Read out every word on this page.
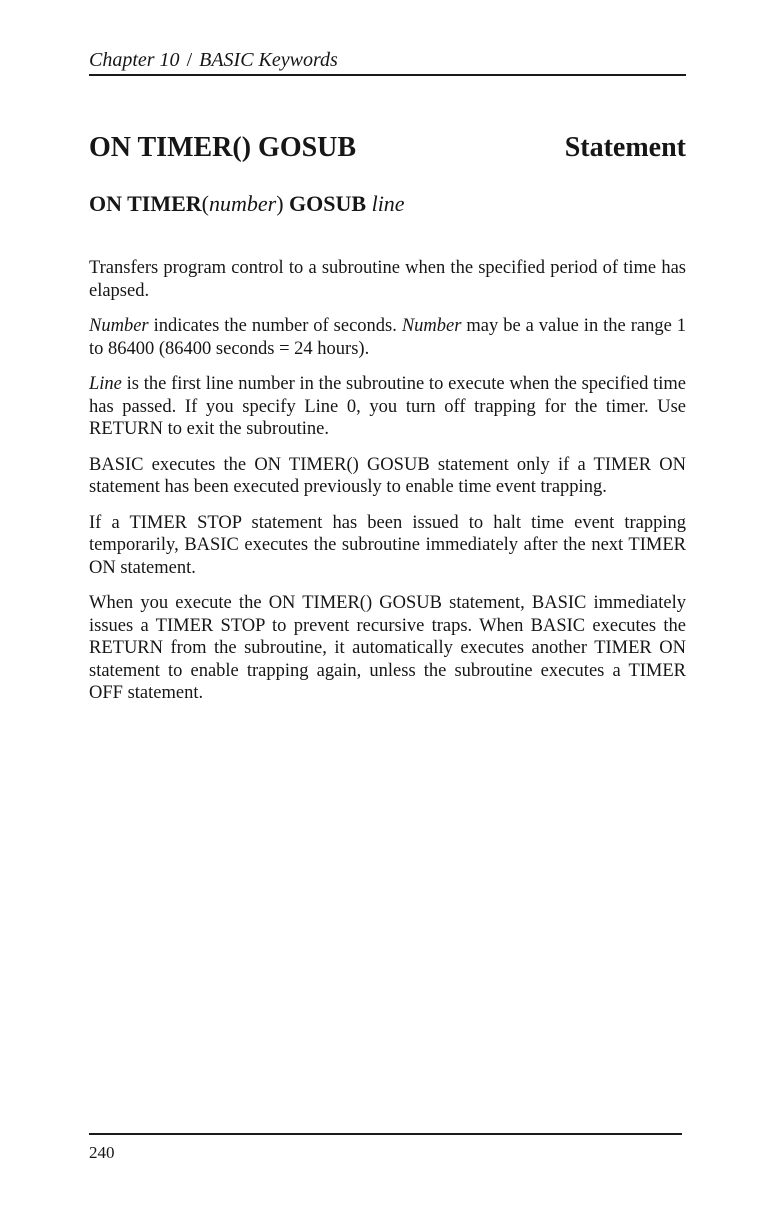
Chapter 10 / BASIC Keywords
ON TIMER() GOSUB	Statement
ON TIMER(number) GOSUB line

Transfers program control to a subroutine when the specified period of time has elapsed.

Number indicates the number of seconds. Number may be a value in the range 1 to 86400 (86400 seconds = 24 hours).

Line is the first line number in the subroutine to execute when the specified time has passed. If you specify Line 0, you turn off trapping for the timer. Use RETURN to exit the subroutine.

BASIC executes the ON TIMER() GOSUB statement only if a TIMER ON statement has been executed previously to enable time event trapping.

If a TIMER STOP statement has been issued to halt time event trapping temporarily, BASIC executes the subroutine immediately after the next TIMER ON statement.

When you execute the ON TIMER() GOSUB statement, BASIC immediately issues a TIMER STOP to prevent recursive traps. When BASIC executes the RETURN from the subroutine, it automatically executes another TIMER ON statement to enable trapping again, unless the subroutine executes a TIMER OFF statement.

240
